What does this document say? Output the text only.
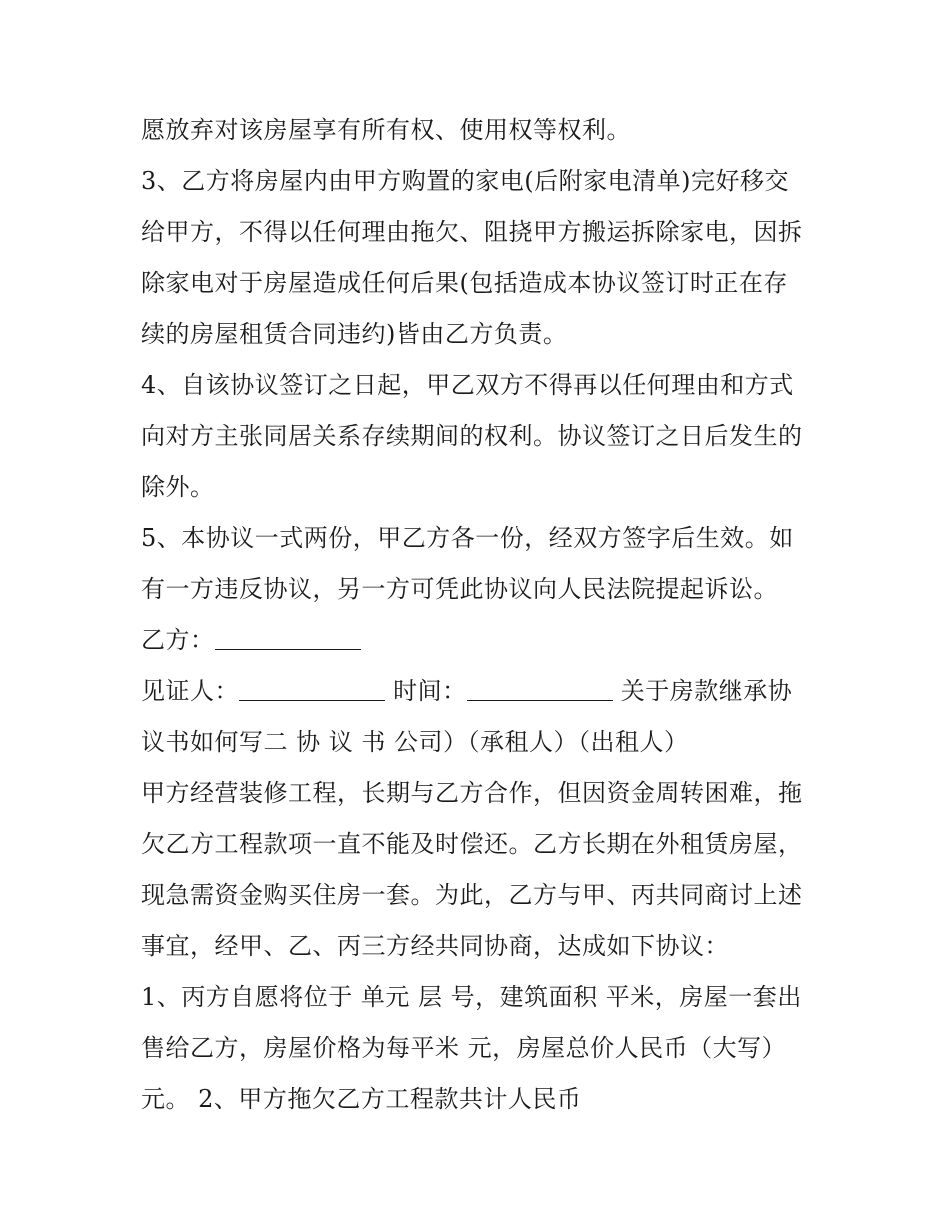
愿放弃对该房屋享有所有权、使用权等权利。
3、乙方将房屋内由甲方购置的家电(后附家电清单)完好移交
给甲方，不得以任何理由拖欠、阻挠甲方搬运拆除家电，因拆
除家电对于房屋造成任何后果(包括造成本协议签订时正在存
续的房屋租赁合同违约)皆由乙方负责。
4、自该协议签订之日起，甲乙双方不得再以任何理由和方式
向对方主张同居关系存续期间的权利。协议签订之日后发生的
除外。
5、本协议一式两份，甲乙方各一份，经双方签字后生效。如
有一方违反协议，另一方可凭此协议向人民法院提起诉讼。
乙方：
见证人：	时间：	关于房款继承协
议书如何写二 协 议 书 公司）（承租人）（出租人）
甲方经营装修工程，长期与乙方合作，但因资金周转困难，拖
欠乙方工程款项一直不能及时偿还。乙方长期在外租赁房屋，
现急需资金购买住房一套。为此，乙方与甲、丙共同商讨上述
事宜，经甲、乙、丙三方经共同协商，达成如下协议：
1、丙方自愿将位于 单元 层 号，建筑面积 平米，房屋一套出
售给乙方，房屋价格为每平米 元，房屋总价人民币（大写）
元。 2、甲方拖欠乙方工程款共计人民币
